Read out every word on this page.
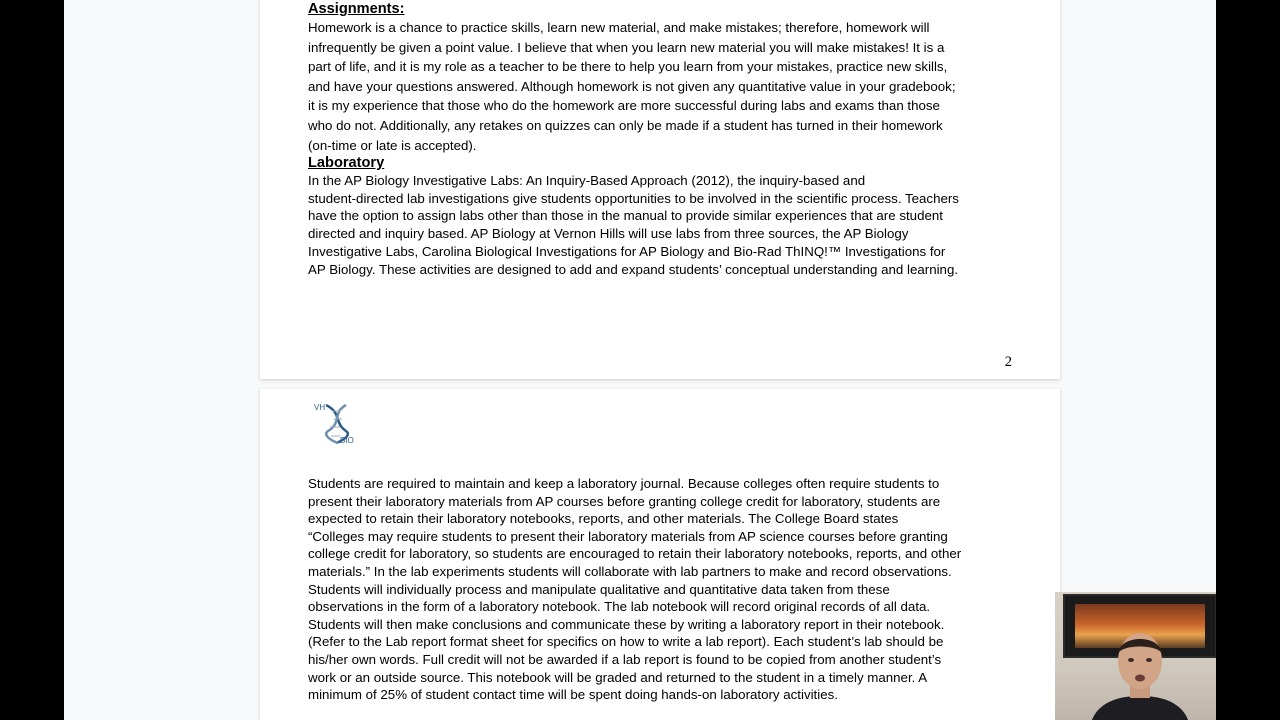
Assignments:

Homework is a chance to practice skills, learn new material, and make mistakes; therefore, homework will
infrequently be given a point value. I believe that when you learn new material you will make mistakes! It is a
part of life, and it is my role as a teacher to be there to help you learn from your mistakes, practice new skills,
and have your questions answered. Although homework is not given any quantitative value in your gradebook;
it is my experience that those who do the homework are more successful during labs and exams than those
who do not. Additionally, any retakes on quizzes can only be made if a student has turned in their homework
(on-time or late is accepted).

Laboratory

In the AP Biology Investigative Labs: An Inquiry-Based Approach (2012), the inquiry-based and
student-directed lab investigations give students opportunities to be involved in the scientific process. Teachers
have the option to assign labs other than those in the manual to provide similar experiences that are student
directed and inquiry based. AP Biology at Vernon Hills will use labs from three sources, the AP Biology
Investigative Labs, Carolina Biological Investigations for AP Biology and Bio-Rad ThINQ!™ Investigations for
AP Biology. These activities are designed to add and expand students’ conceptual understanding and learning.

2
VH
BIO

Students are required to maintain and keep a laboratory journal. Because colleges often require students to
present their laboratory materials from AP courses before granting college credit for laboratory, students are
expected to retain their laboratory notebooks, reports, and other materials. The College Board states
“Colleges may require students to present their laboratory materials from AP science courses before granting
college credit for laboratory, so students are encouraged to retain their laboratory notebooks, reports, and other
materials.” In the lab experiments students will collaborate with lab partners to make and record observations.
Students will individually process and manipulate qualitative and quantitative data taken from these
observations in the form of a laboratory notebook. The lab notebook will record original records of all data.
Students will then make conclusions and communicate these by writing a laboratory report in their notebook.
(Refer to the Lab report format sheet for specifics on how to write a lab report). Each student’s lab should be
his/her own words. Full credit will not be awarded if a lab report is found to be copied from another student’s
work or an outside source. This notebook will be graded and returned to the student in a timely manner. A
minimum of 25% of student contact time will be spent doing hands-on laboratory activities.
